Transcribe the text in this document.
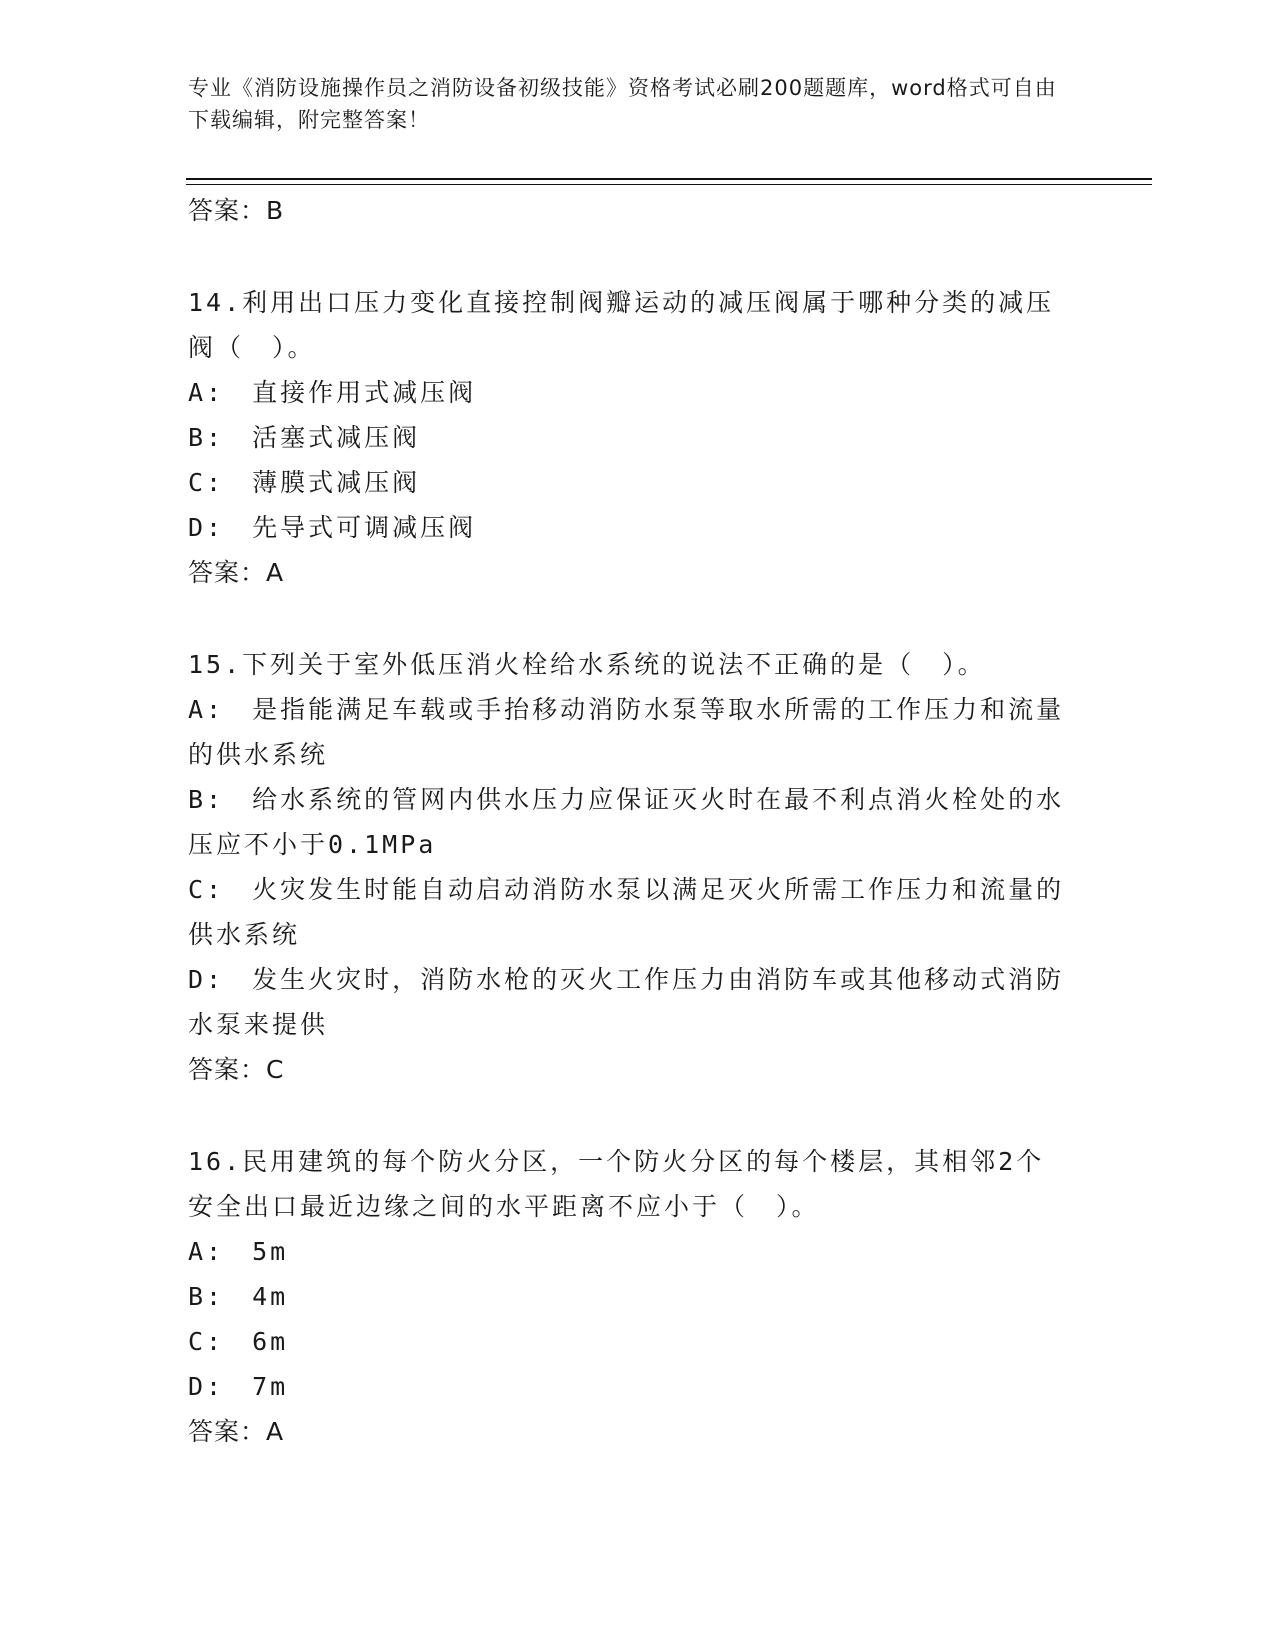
专业《消防设施操作员之消防设备初级技能》资格考试必刷200题题库，word格式可自由下载编辑，附完整答案！
答案：B
14.利用出口压力变化直接控制阀瓣运动的减压阀属于哪种分类的减压阀（　）。
A:　直接作用式减压阀
B:　活塞式减压阀
C:　薄膜式减压阀
D:　先导式可调减压阀
答案：A
15.下列关于室外低压消火栓给水系统的说法不正确的是（　）。
A:　是指能满足车载或手抬移动消防水泵等取水所需的工作压力和流量的供水系统
B:　给水系统的管网内供水压力应保证灭火时在最不利点消火栓处的水压应不小于0.1MPa
C:　火灾发生时能自动启动消防水泵以满足灭火所需工作压力和流量的供水系统
D:　发生火灾时，消防水枪的灭火工作压力由消防车或其他移动式消防水泵来提供
答案：C
16.民用建筑的每个防火分区，一个防火分区的每个楼层，其相邻2个安全出口最近边缘之间的水平距离不应小于（　）。
A:　5m
B:　4m
C:　6m
D:　7m
答案：A
